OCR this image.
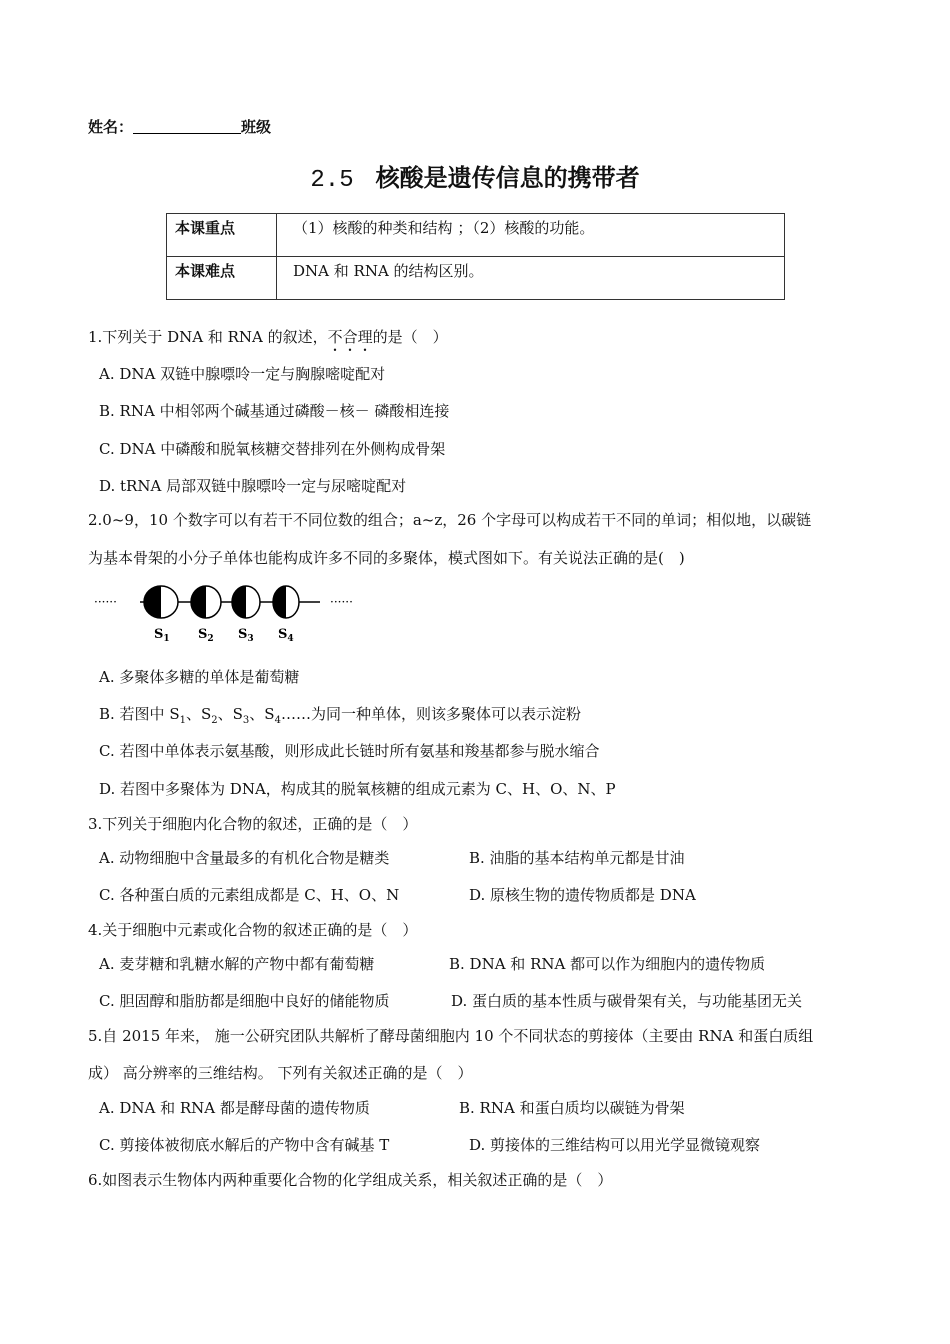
姓名：	班级
2.5 核酸是遗传信息的携带者
本课重点	（1）核酸的种类和结构 ；（2）核酸的功能。
本课难点	DNA 和 RNA 的结构区别。
1.下列关于 DNA 和 RNA 的叙述，不合理的是（　）
A. DNA 双链中腺嘌呤一定与胸腺嘧啶配对
B. RNA 中相邻两个碱基通过磷酸－核－ 磷酸相连接
C. DNA 中磷酸和脱氧核糖交替排列在外侧构成骨架
D. tRNA 局部双链中腺嘌呤一定与尿嘧啶配对
2.0~9，10 个数字可以有若干不同位数的组合；a~z，26 个字母可以构成若干不同的单词；相似地，以碳链
为基本骨架的小分子单体也能构成许多不同的多聚体，模式图如下。有关说法正确的是(　)
······	······
$S_1$ $S_2$ $S_3$ $S_4$
A. 多聚体多糖的单体是葡萄糖
B. 若图中 $S_1$、$S_2$、$S_3$、$S_4\dots\dots$为同一种单体，则该多聚体可以表示淀粉
C. 若图中单体表示氨基酸，则形成此长链时所有氨基和羧基都参与脱水缩合
D. 若图中多聚体为 DNA，构成其的脱氧核糖的组成元素为 C、H、O、N、P
3.下列关于细胞内化合物的叙述，正确的是（　）
A. 动物细胞中含量最多的有机化合物是糖类	B. 油脂的基本结构单元都是甘油
C. 各种蛋白质的元素组成都是 C、H、O、N	D. 原核生物的遗传物质都是 DNA
4.关于细胞中元素或化合物的叙述正确的是（　）
A. 麦芽糖和乳糖水解的产物中都有葡萄糖	B. DNA 和 RNA 都可以作为细胞内的遗传物质
C. 胆固醇和脂肪都是细胞中良好的储能物质	D. 蛋白质的基本性质与碳骨架有关，与功能基团无关
5.自 2015 年来， 施一公研究团队共解析了酵母菌细胞内 10 个不同状态的剪接体（主要由 RNA 和蛋白质组
成） 高分辨率的三维结构。 下列有关叙述正确的是（　）
A. DNA 和 RNA 都是酵母菌的遗传物质	B. RNA 和蛋白质均以碳链为骨架
C. 剪接体被彻底水解后的产物中含有碱基 T	D. 剪接体的三维结构可以用光学显微镜观察
6.如图表示生物体内两种重要化合物的化学组成关系，相关叙述正确的是（　）
